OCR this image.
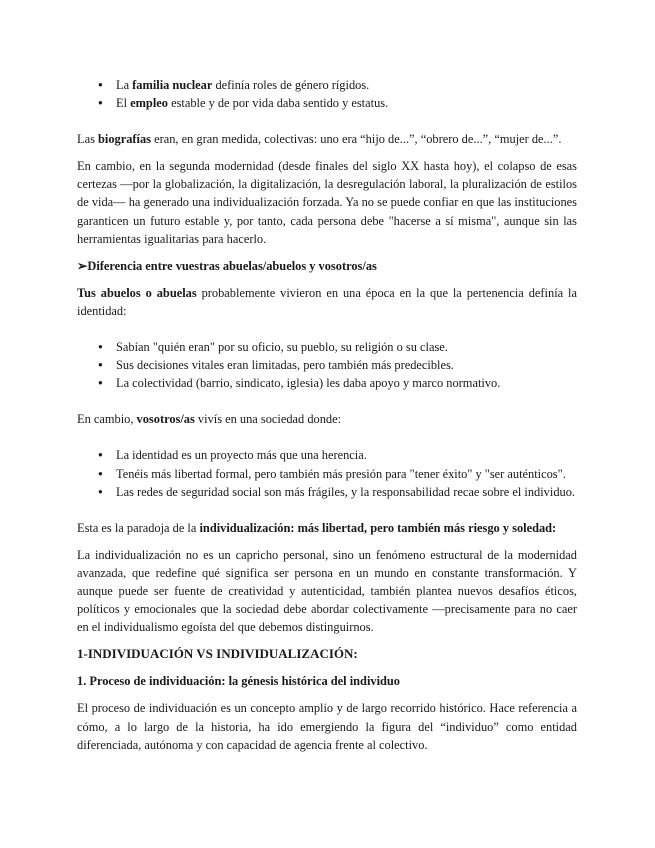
● La familia nuclear definía roles de género rígidos.
● El empleo estable y de por vida daba sentido y estatus.

Las biografías eran, en gran medida, colectivas: uno era “hijo de...”, “obrero de...”, “mujer de...”.

En cambio, en la segunda modernidad (desde finales del siglo XX hasta hoy), el colapso de esas certezas —por la globalización, la digitalización, la desregulación laboral, la pluralización de estilos de vida— ha generado una individualización forzada. Ya no se puede confiar en que las instituciones garanticen un futuro estable y, por tanto, cada persona debe "hacerse a sí misma", aunque sin las herramientas igualitarias para hacerlo.

➢Diferencia entre vuestras abuelas/abuelos y vosotros/as

Tus abuelos o abuelas probablemente vivieron en una época en la que la pertenencia definía la identidad:

● Sabían "quién eran" por su oficio, su pueblo, su religión o su clase.
● Sus decisiones vitales eran limitadas, pero también más predecibles.
● La colectividad (barrio, sindicato, iglesia) les daba apoyo y marco normativo.

En cambio, vosotros/as vivís en una sociedad donde:

● La identidad es un proyecto más que una herencia.
● Tenéis más libertad formal, pero también más presión para "tener éxito" y "ser auténticos".
● Las redes de seguridad social son más frágiles, y la responsabilidad recae sobre el individuo.

Esta es la paradoja de la individualización: más libertad, pero también más riesgo y soledad:

La individualización no es un capricho personal, sino un fenómeno estructural de la modernidad avanzada, que redefine qué significa ser persona en un mundo en constante transformación. Y aunque puede ser fuente de creatividad y autenticidad, también plantea nuevos desafíos éticos, políticos y emocionales que la sociedad debe abordar colectivamente —precisamente para no caer en el individualismo egoísta del que debemos distinguirnos.

1-INDIVIDUACIÓN VS INDIVIDUALIZACIÓN:

1. Proceso de individuación: la génesis histórica del individuo

El proceso de individuación es un concepto amplio y de largo recorrido histórico. Hace referencia a cómo, a lo largo de la historia, ha ido emergiendo la figura del “individuo” como entidad diferenciada, autónoma y con capacidad de agencia frente al colectivo.
